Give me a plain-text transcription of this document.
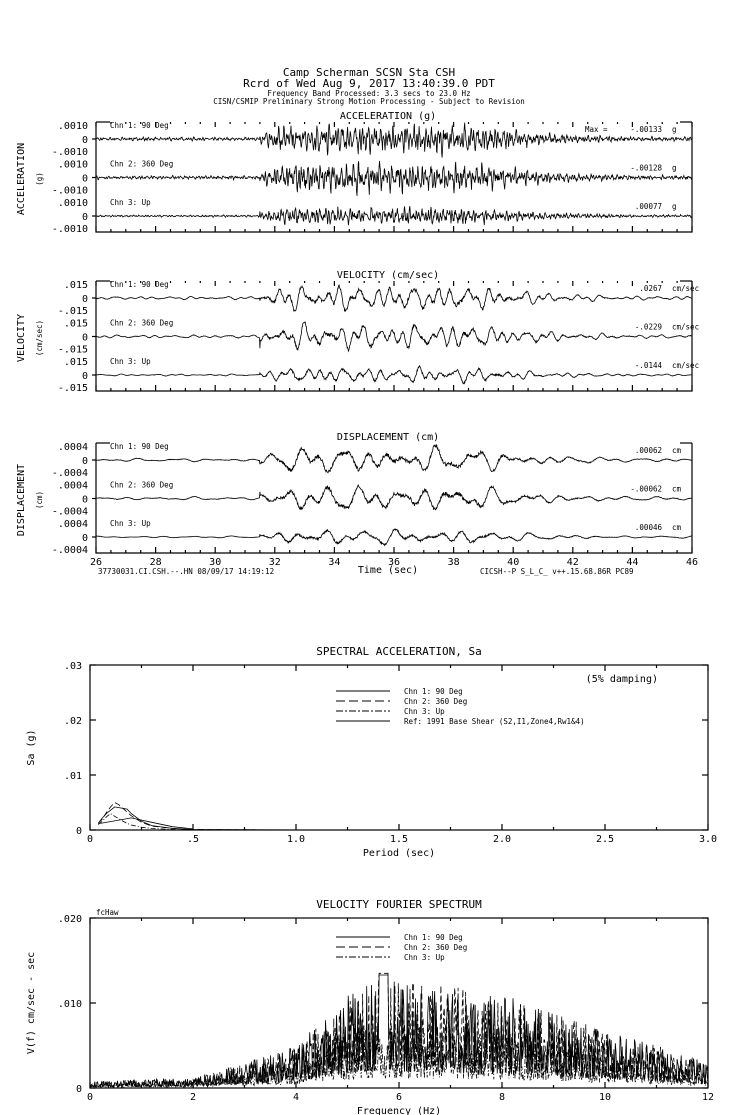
Camp Scherman SCSN Sta CSH
Rcrd of Wed Aug 9, 2017 13:40:39.0 PDT
Frequency Band Processed: 3.3 secs to 23.0 Hz
CISN/CSMIP Preliminary Strong Motion Processing - Subject to Revision
ACCELERATION (g)
ACCELERATION (g)
.0010
0
-.0010
Chn 1: 90 Deg	Max =	-.00133 g
.0010
0
-.0010
Chn 2: 360 Deg	-.00128 g
.0010
0
-.0010
Chn 3: Up	.00077 g
VELOCITY (cm/sec)
VELOCITY (cm/sec)
.015
0
-.015
Chn 1: 90 Deg	.0267 cm/sec
.015
0
-.015
Chn 2: 360 Deg	-.0229 cm/sec
.015
0
-.015
Chn 3: Up	-.0144 cm/sec
DISPLACEMENT (cm)
DISPLACEMENT (cm)
.0004
0
-.0004
Chn 1: 90 Deg	.00062 cm
.0004
0
-.0004
Chn 2: 360 Deg	-.00062 cm
.0004
0
-.0004
Chn 3: Up	.00046 cm
26	28	30	32	34	36	38	40	42	44	46
37730031.CI.CSH.--.HN 08/09/17 14:19:12	Time (sec)	CICSH--P S_L_C_ v++.15.68.86R PC89
SPECTRAL ACCELERATION, Sa
Period (sec)
Sa (g)
0	.5	1.0	1.5	2.0	2.5	3.0
0
.01
.02
.03
Chn 1: 90 Deg
Chn 2: 360 Deg
Chn 3: Up
Ref: 1991 Base Shear (S2,I1,Zone4,Rw1&4)
(5% damping)
VELOCITY FOURIER SPECTRUM
Frequency (Hz)
V(f) cm/sec - sec
0	2	4	6	8	10	12
0
.010
.020
Chn 1: 90 Deg
Chn 2: 360 Deg
Chn 3: Up
fcHaw
